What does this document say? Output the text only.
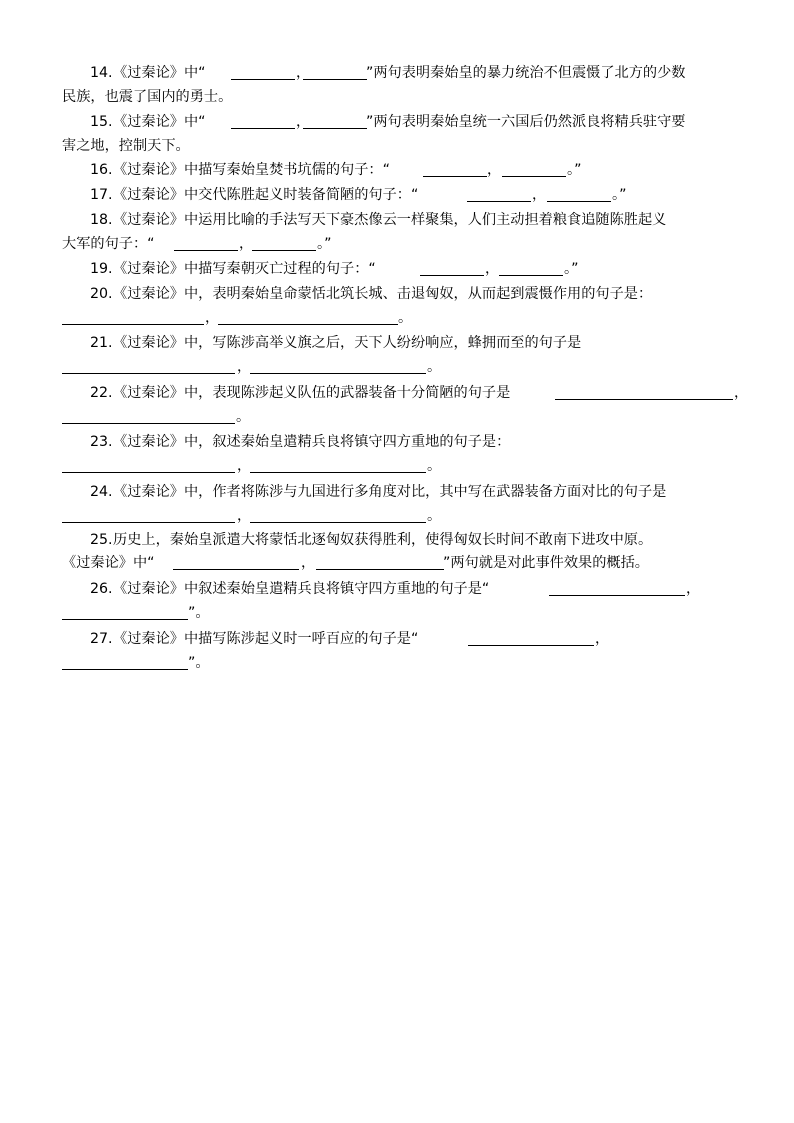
14. 《过秦论》中“	，	”两句表明秦始皇的暴力统治不但震慑了北方的少数
民族，也震了国内的勇士。
15. 《过秦论》中“	，	”两句表明秦始皇统一六国后仍然派良将精兵驻守要
害之地，控制天下。
16. 《过秦论》中描写秦始皇焚书坑儒的句子：“	，	。”
17. 《过秦论》中交代陈胜起义时装备简陋的句子：“	，	。”
18. 《过秦论》中运用比喻的手法写天下豪杰像云一样聚集，人们主动担着粮食追随陈胜起义
大军的句子：“	，	。”
19. 《过秦论》中描写秦朝灭亡过程的句子：“	，	。”
20. 《过秦论》中，表明秦始皇命蒙恬北筑长城、击退匈奴，从而起到震慑作用的句子是：
，	。
21. 《过秦论》中，写陈涉高举义旗之后，天下人纷纷响应，蜂拥而至的句子是
，	。
22. 《过秦论》中，表现陈涉起义队伍的武器装备十分简陋的句子是	，
。
23. 《过秦论》中，叙述秦始皇遣精兵良将镇守四方重地的句子是：
，	。
24. 《过秦论》中，作者将陈涉与九国进行多角度对比，其中写在武器装备方面对比的句子是
，	。
25. 历史上，秦始皇派遣大将蒙恬北逐匈奴获得胜利，使得匈奴长时间不敢南下进攻中原。
《过秦论》中“	，	”两句就是对此事件效果的概括。
26. 《过秦论》中叙述秦始皇遣精兵良将镇守四方重地的句子是“	，
”。
27. 《过秦论》中描写陈涉起义时一呼百应的句子是“	，
”。
